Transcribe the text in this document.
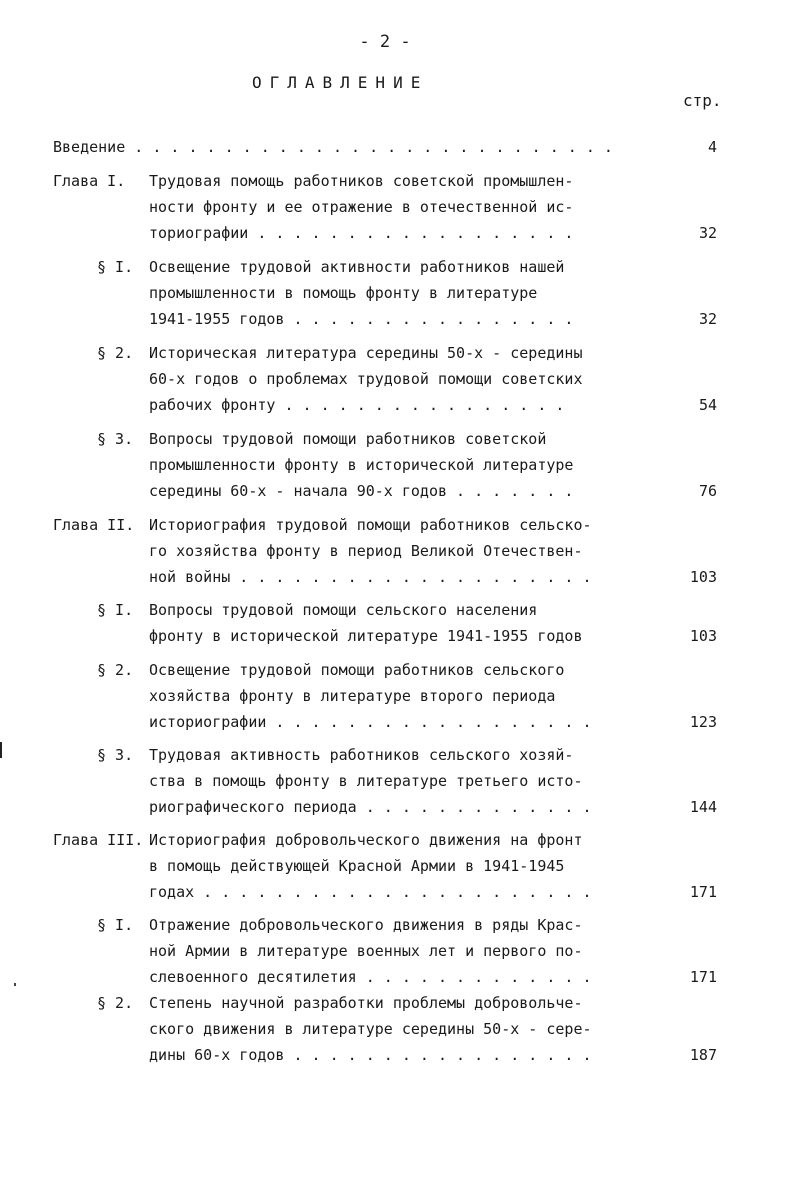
- 2 -
ОГЛАВЛЕНИЕ
стр.
Введение . . . . . . . . . . . . . . . . . . . . . . . . . . .	4
Глава I. Трудовая помощь работников советской промышлен-
ности фронту и ее отражение в отечественной ис-
ториографии . . . . . . . . . . . . . . . . . .	32
§ I. Освещение трудовой активности работников нашей
промышленности в помощь фронту в литературе
1941-1955 годов . . . . . . . . . . . . . . . .	32
§ 2. Историческая литература середины 50-х - середины
60-х годов о проблемах трудовой помощи советских
рабочих фронту . . . . . . . . . . . . . . . .	54
§ 3. Вопросы трудовой помощи работников советской
промышленности фронту в исторической литературе
середины 60-х - начала 90-х годов . . . . . . .	76
Глава II. Историография трудовой помощи работников сельско-
го хозяйства фронту в период Великой Отечествен-
ной войны . . . . . . . . . . . . . . . . . . . .	103
§ I. Вопросы трудовой помощи сельского населения
фронту в исторической литературе 1941-1955 годов	103
§ 2. Освещение трудовой помощи работников сельского
хозяйства фронту в литературе второго периода
историографии . . . . . . . . . . . . . . . . . .	123
§ 3. Трудовая активность работников сельского хозяй-
ства в помощь фронту в литературе третьего исто-
риографического периода . . . . . . . . . . . . .	144
Глава III. Историография добровольческого движения на фронт
в помощь действующей Красной Армии в 1941-1945
годах . . . . . . . . . . . . . . . . . . . . . .	171
§ I. Отражение добровольческого движения в ряды Крас-
ной Армии в литературе военных лет и первого по-
слевоенного десятилетия . . . . . . . . . . . . .	171
§ 2. Степень научной разработки проблемы добровольче-
ского движения в литературе середины 50-х - сере-
дины 60-х годов . . . . . . . . . . . . . . . . .	187
